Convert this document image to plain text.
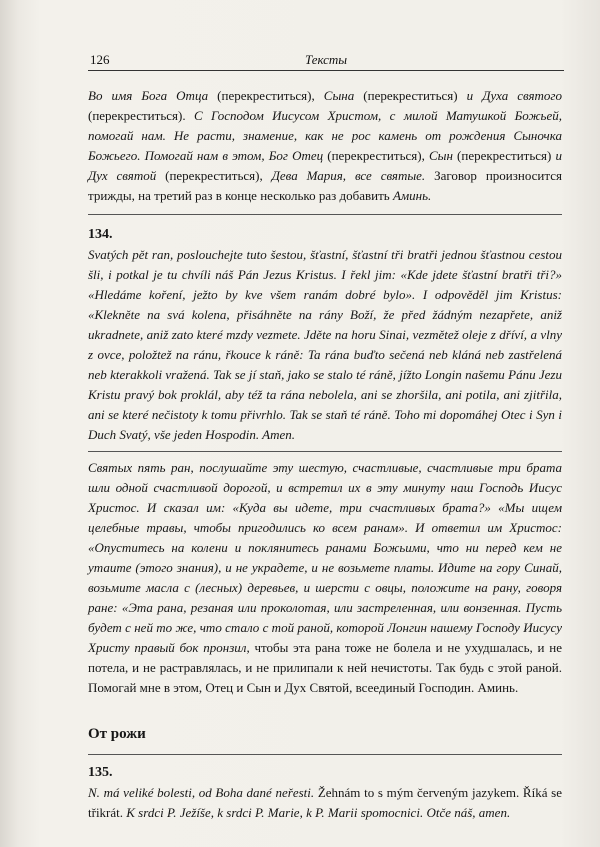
126	Тексты

Во имя Бога Отца (перекреститься), Сына (перекреститься) и Духа святого (перекреститься). С Господом Иисусом Христом, с милой Матушкой Божьей, помогай нам. Не расти, знамение, как не рос камень от рождения Сыночка Божьего. Помогай нам в этом, Бог Отец (перекреститься), Сын (перекреститься) и Дух святой (перекреститься), Дева Мария, все святые. Заговор произносится трижды, на третий раз в конце несколько раз добавить Аминь.

134.

Svatých pět ran, poslouchejte tuto šestou, šťastní, šťastní tři bratři jednou šťastnou cestou šli, i potkal je tu chvíli náš Pán Jezus Kristus. I řekl jim: «Kde jdete šťastní bratři tři?» «Hledáme koření, ježto by kve všem ranám dobré bylo». I odpověděl jim Kristus: «Klekněte na svá kolena, přisáhněte na rány Boží, že před žádným nezapřete, aniž ukradnete, aniž zato které mzdy vezmete. Jděte na horu Sinai, vezmětež oleje z dříví, a vlny z ovce, položtež na ránu, řkouce k ráně: Ta rána buďto sečená neb kláná neb zastřelená neb kterakkoli vražená. Tak se jí staň, jako se stalo té ráně, jížto Longin našemu Pánu Jezu Kristu pravý bok proklál, aby též ta rána nebolela, ani se zhoršila, ani potila, ani zjitřila, ani se které nečistoty k tomu přivrhlo. Tak se staň té ráně. Toho mi dopomáhej Otec i Syn i Duch Svatý, vše jeden Hospodin. Amen.

Святых пять ран, послушайте эту шестую, счастливые, счастливые три брата шли одной счастливой дорогой, и встретил их в эту минуту наш Господь Иисус Христос. И сказал им: «Куда вы идете, три счастливых брата?» «Мы ищем целебные травы, чтобы пригодились ко всем ранам». И ответил им Христос: «Опуститесь на колени и поклянитесь ранами Божьими, что ни перед кем не утаите (этого знания), и не украдете, и не возьмете платы. Идите на гору Синай, возьмите масла с (лесных) деревьев, и шерсти с овцы, положите на рану, говоря ране: «Эта рана, резаная или проколотая, или застреленная, или вонзенная. Пусть будет с ней то же, что стало с той раной, которой Лонгин нашему Господу Иисусу Христу правый бок пронзил, чтобы эта рана тоже не болела и не ухудшалась, и не потела, и не растравлялась, и не прилипали к ней нечистоты. Так будь с этой раной. Помогай мне в этом, Отец и Сын и Дух Святой, всеединый Господин. Аминь.

От рожи

135.

N. má veliké bolesti, od Boha dané neřesti. Žehnám to s mým červeným jazykem. Říká se třikrát. K srdci P. Ježíše, k srdci P. Marie, k P. Marii spomocnici. Otče náš, amen.
